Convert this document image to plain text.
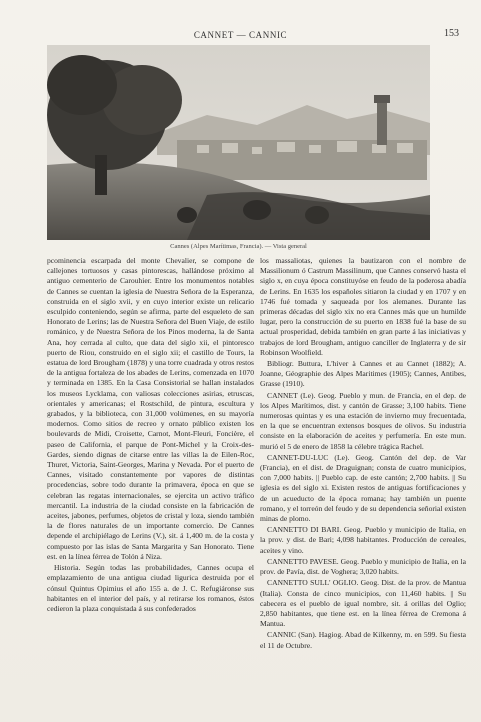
CANNET — CANNIC	153
Cannes (Alpes Marítimas, Francia). — Vista general

pcominencia escarpada del monte Chevalier, se compone de callejones tortuosos y casas pintorescas, hallándose próximo al antiguo cementerio de Carouhier. Entre los monumentos notables de Cannes se cuentan la iglesia de Nuestra Señora de la Esperanza, construida en el siglo xvii, y en cuyo interior existe un relicario esculpido conteniendo, según se afirma, parte del esqueleto de san Honorato de Lerins; las de Nuestra Señora del Buen Viaje, de estilo románico, y de Nuestra Señora de los Pinos moderna, la de Santa Ana, hoy cerrada al culto, que data del siglo xii, el pintoresco puerto de Riou, construido en el siglo xii; el castillo de Tours, la estatua de lord Brougham (1878) y una torre cuadrada y otros restos de la antigua fortaleza de los abades de Lerins, comenzada en 1070 y terminada en 1385. En la Casa Consistorial se hallan instalados los museos Lycklama, con valiosas colecciones asirias, etruscas, orientales y americanas; el Rostschild, de pintura, escultura y grabados, y la biblioteca, con 31,000 volúmenes, en su mayoría modernos. Como sitios de recreo y ornato público existen los boulevards de Midi, Croisette, Carnot, Mont-Fleuri, Foncière, el paseo de California, el parque de Pont-Michel y la Croix-des-Gardes, siendo dignas de citarse entre las villas la de Eilen-Roc, Thuret, Victoria, Saint-Georges, Marina y Nevada. Por el puerto de Cannes, visitado constantemente por vapores de distintas procedencias, sobre todo durante la primavera, época en que se celebran las regatas internacionales, se ejercita un activo tráfico mercantil. La industria de la ciudad consiste en la fabricación de aceites, jabones, perfumes, objetos de cristal y loza, siendo también la de flores naturales de un importante comercio. De Cannes depende el archipiélago de Lerins (V.), sit. á 1,400 m. de la costa y compuesto por las islas de Santa Margarita y San Honorato. Tiene est. en la línea férrea de Tolón á Niza.

Historia. Según todas las probabilidades, Cannes ocupa el emplazamiento de una antigua ciudad ligurica destruida por el cónsul Quintus Opimius el año 155 a. de J. C. Refugiáronse sus habitantes en el interior del país, y al retirarse los romanos, éstos cedieron la plaza conquistada á sus confederados

los massaliotas, quienes la bautizaron con el nombre de Massilionum ó Castrum Massilinum, que Cannes conservó hasta el siglo x, en cuya época constituyóse en feudo de la poderosa abadía de Lerins. En 1635 los españoles sitiaron la ciudad y en 1707 y en 1746 fué tomada y saqueada por los alemanes. Durante las primeras décadas del siglo xix no era Cannes más que un humilde lugar, pero la construcción de su puerto en 1838 fué la base de su actual prosperidad, debida también en gran parte á las iniciativas y trabajos de lord Brougham, antiguo canciller de Inglaterra y de sir Robinson Woolfield.

Bibliogr. Buttura, L'hiver à Cannes et au Cannet (1882); A. Joanne, Géographie des Alpes Maritimes (1905); Cannes, Antibes, Grasse (1910).

CANNET (Le). Geog. Pueblo y mun. de Francia, en el dep. de los Alpes Marítimos, dist. y cantón de Grasse; 3,100 habits. Tiene numerosas quintas y es una estación de invierno muy frecuentada, en la que se encuentran extensos bosques de olivos. Su industria consiste en la elaboración de aceites y perfumería. En este mun. murió el 5 de enero de 1858 la célebre trágica Rachel.

CANNET-DU-LUC (Le). Geog. Cantón del dep. de Var (Francia), en el dist. de Draguignan; consta de cuatro municipios, con 7,000 habits. || Pueblo cap. de este cantón; 2,700 habits. || Su iglesia es del siglo xi. Existen restos de antiguas fortificaciones y de un acueducto de la época romana; hay también un puente romano, y el torreón del feudo y de su dependencia señorial existen minas de plomo.

CANNETTO DI BARI. Geog. Pueblo y municipio de Italia, en la prov. y dist. de Bari; 4,098 habitantes. Producción de cereales, aceites y vino.

CANNETTO PAVESE. Geog. Pueblo y municipio de Italia, en la prov. de Pavía, dist. de Voghera; 3,020 habits.

CANNETTO SULL' OGLIO. Geog. Dist. de la prov. de Mantua (Italia). Consta de cinco municipios, con 11,460 habits. || Su cabecera es el pueblo de igual nombre, sit. á orillas del Oglio; 2,850 habitantes, que tiene est. en la línea férrea de Cremona á Mantua.

CANNIC (San). Hagiog. Abad de Kilkenny, m. en 599. Su fiesta el 11 de Octubre.
